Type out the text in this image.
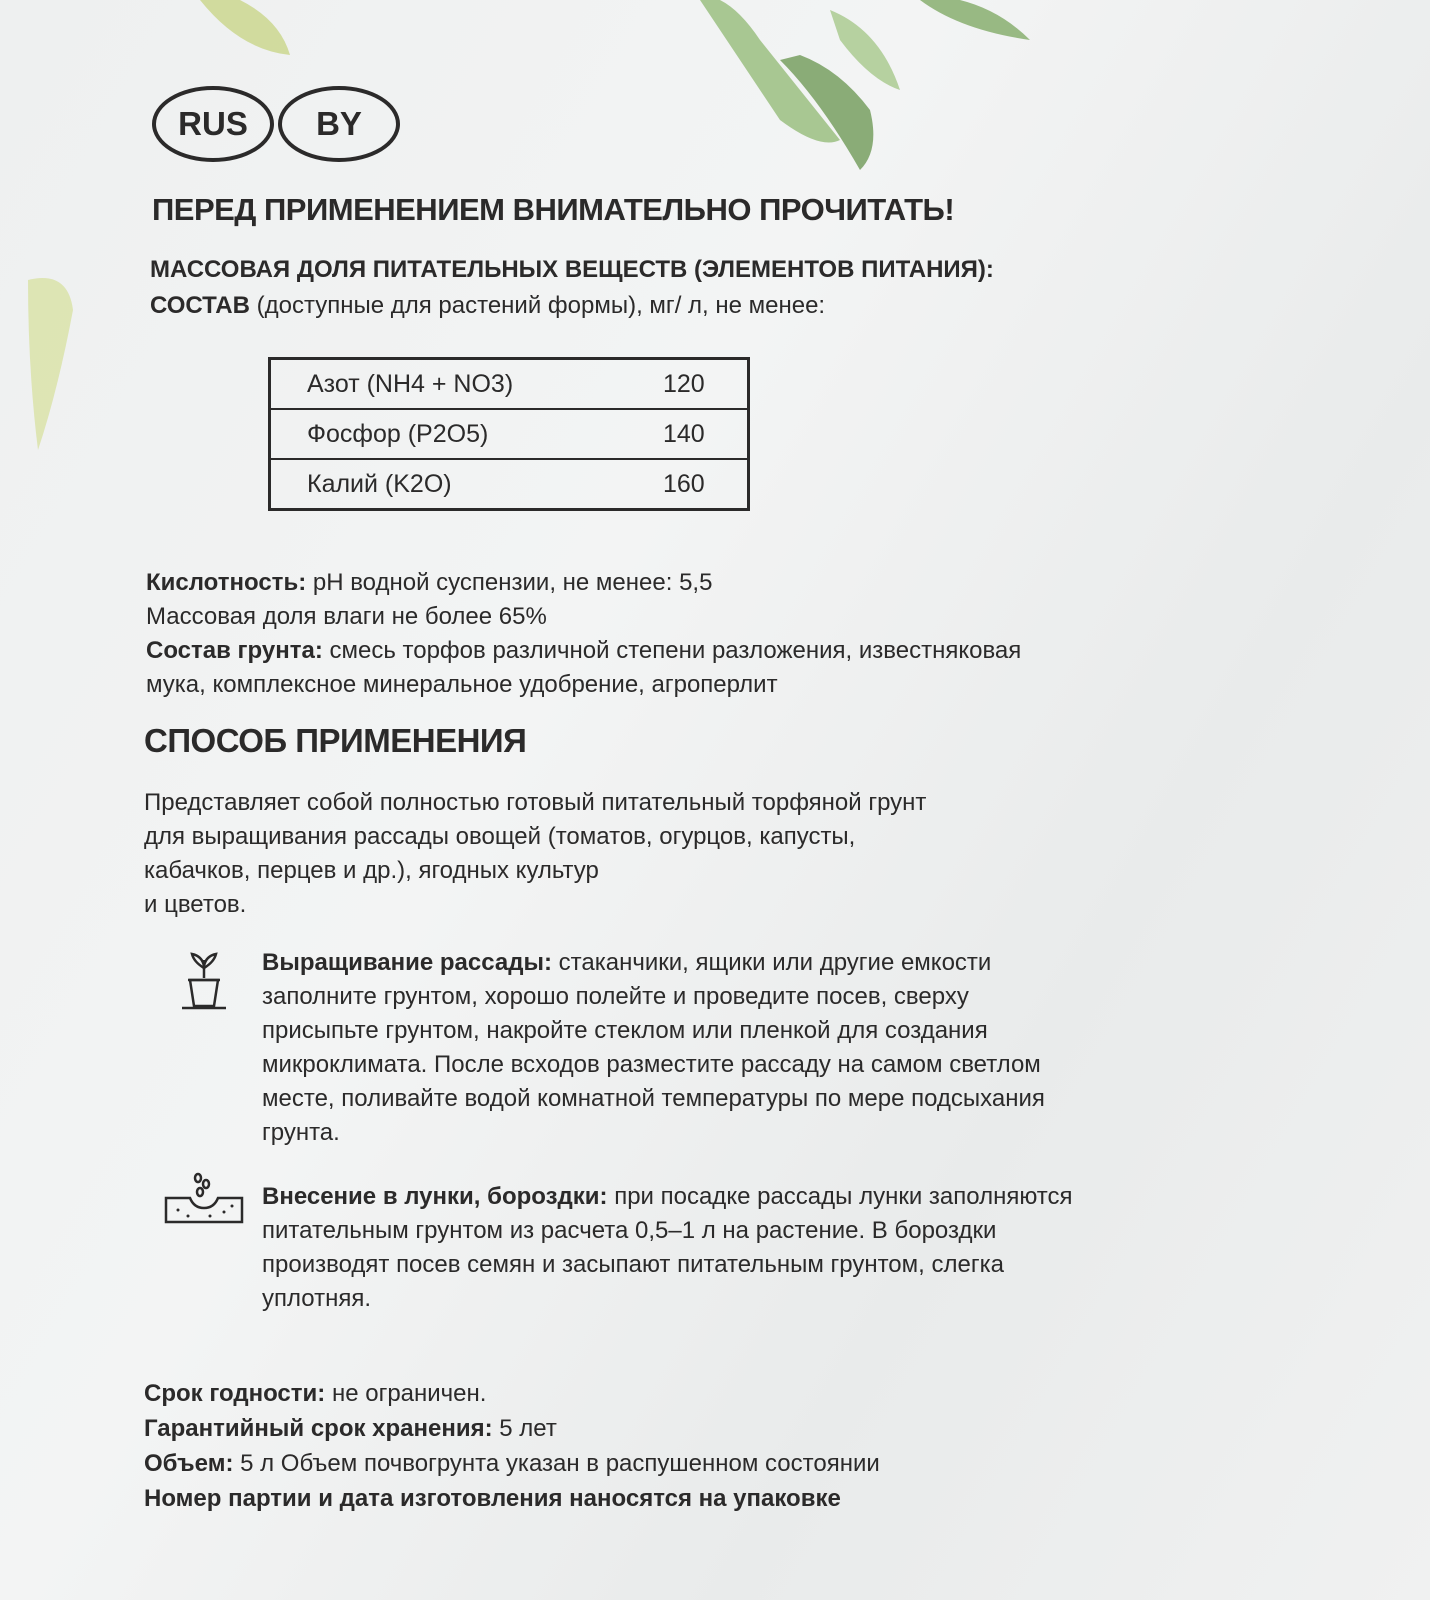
RUS	BY
ПЕРЕД ПРИМЕНЕНИЕМ ВНИМАТЕЛЬНО ПРОЧИТАТЬ!
МАССОВАЯ ДОЛЯ ПИТАТЕЛЬНЫХ ВЕЩЕСТВ (ЭЛЕМЕНТОВ ПИТАНИЯ):
СОСТАВ (доступные для растений формы), мг/ л, не менее:
Азот (NH4 + NO3)	120
Фосфор (P2O5)	140
Калий (K2O)	160
Кислотность: pH водной суспензии, не менее: 5,5
Массовая доля влаги не более 65%
Состав грунта: смесь торфов различной степени разложения, известняковая мука, комплексное минеральное удобрение, агроперлит
СПОСОБ ПРИМЕНЕНИЯ
Представляет собой полностью готовый питательный торфяной грунт для выращивания рассады овощей (томатов, огурцов, капусты, кабачков, перцев и др.), ягодных культур
и цветов.
Выращивание рассады: стаканчики, ящики или другие емкости заполните грунтом, хорошо полейте и проведите посев, сверху присыпьте грунтом, накройте стеклом или пленкой для создания микроклимата. После всходов разместите рассаду на самом светлом месте, поливайте водой комнатной температуры по мере подсыхания грунта.
Внесение в лунки, бороздки: при посадке рассады лунки заполняются питательным грунтом из расчета 0,5–1 л на растение. В бороздки производят посев семян и засыпают питательным грунтом, слегка уплотняя.
Срок годности: не ограничен.
Гарантийный срок хранения: 5 лет
Объем: 5 л Объем почвогрунта указан в распушенном состоянии
Номер партии и дата изготовления наносятся на упаковке
